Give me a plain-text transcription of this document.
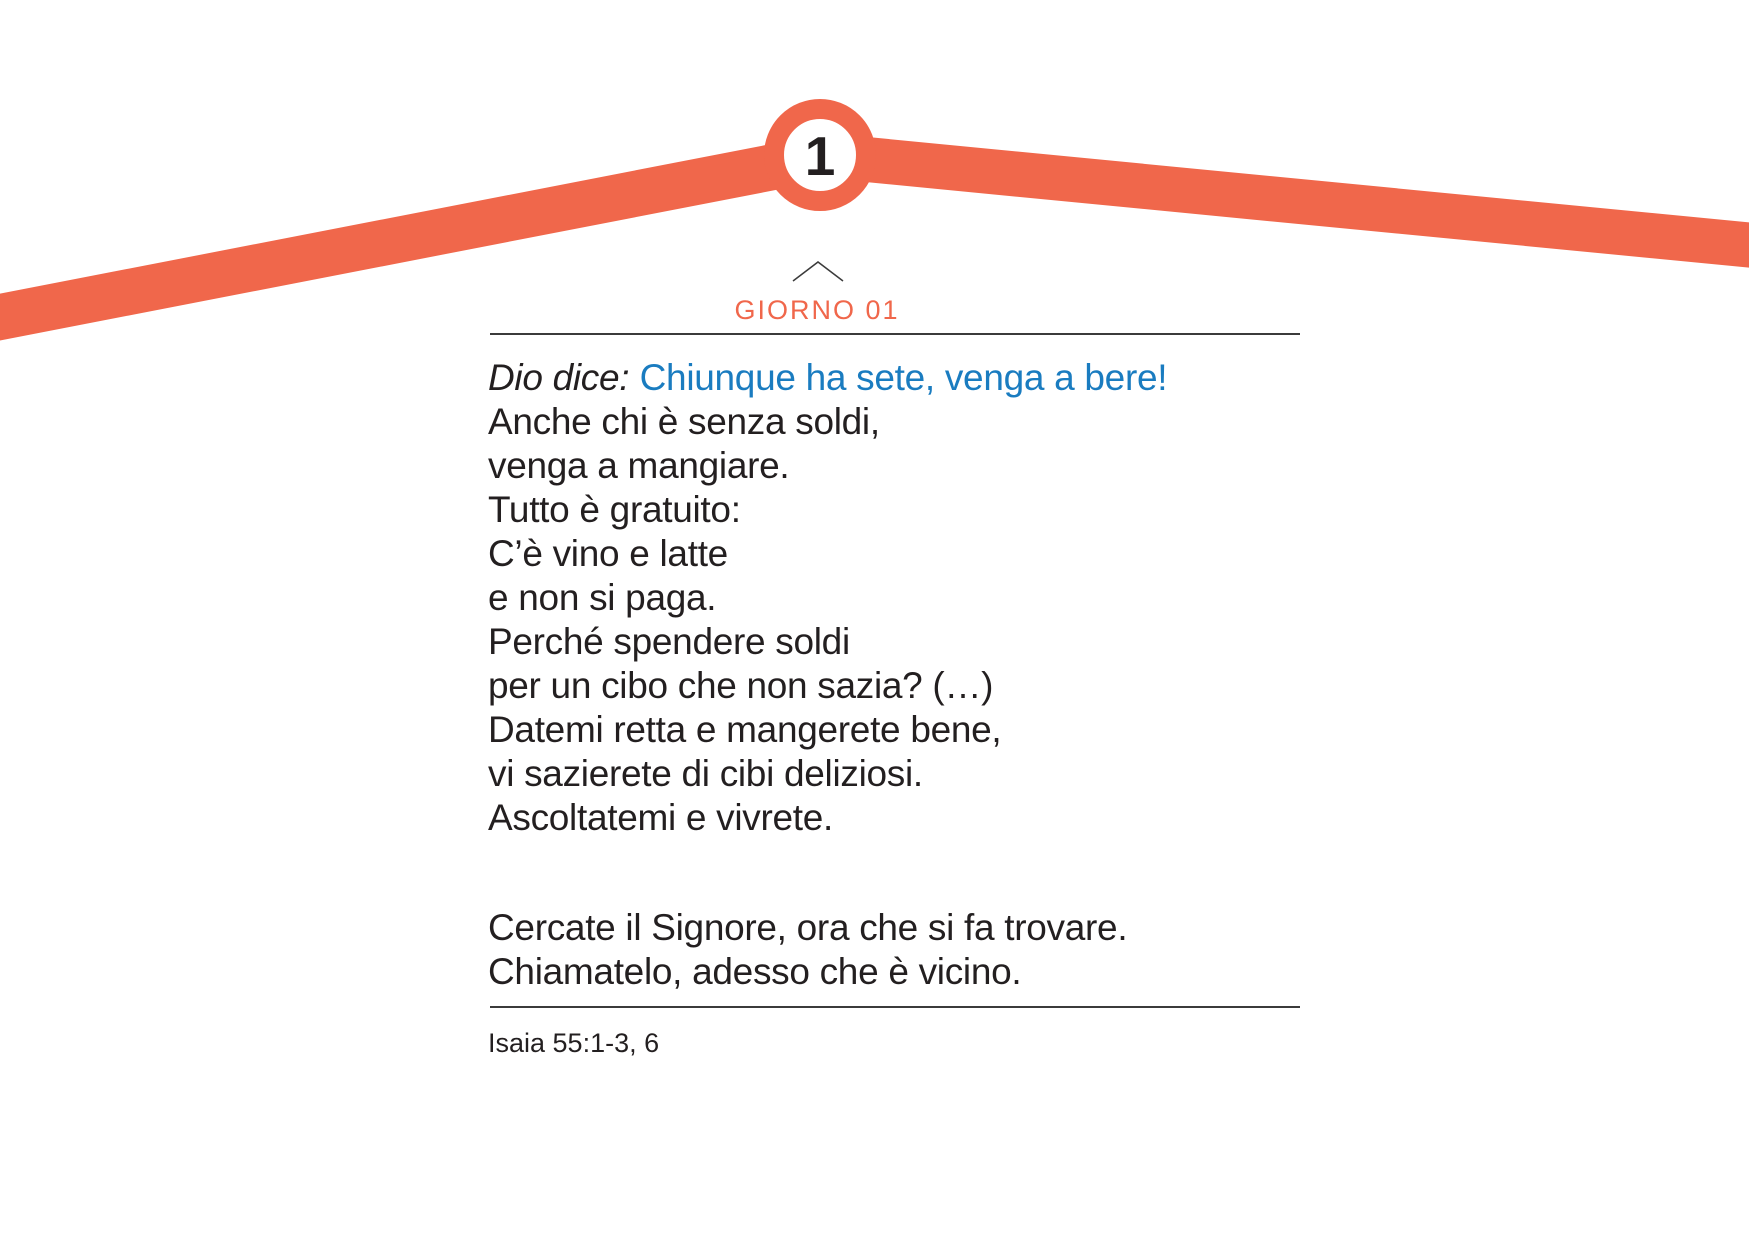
1
GIORNO 01
Dio dice: Chiunque ha sete, venga a bere!
Anche chi è senza soldi,
venga a mangiare.
Tutto è gratuito:
C’è vino e latte
e non si paga.
Perché spendere soldi
per un cibo che non sazia? (…)
Datemi retta e mangerete bene,
vi sazierete di cibi deliziosi.
Ascoltatemi e vivrete.
Cercate il Signore, ora che si fa trovare.
Chiamatelo, adesso che è vicino.
Isaia 55:1-3, 6
